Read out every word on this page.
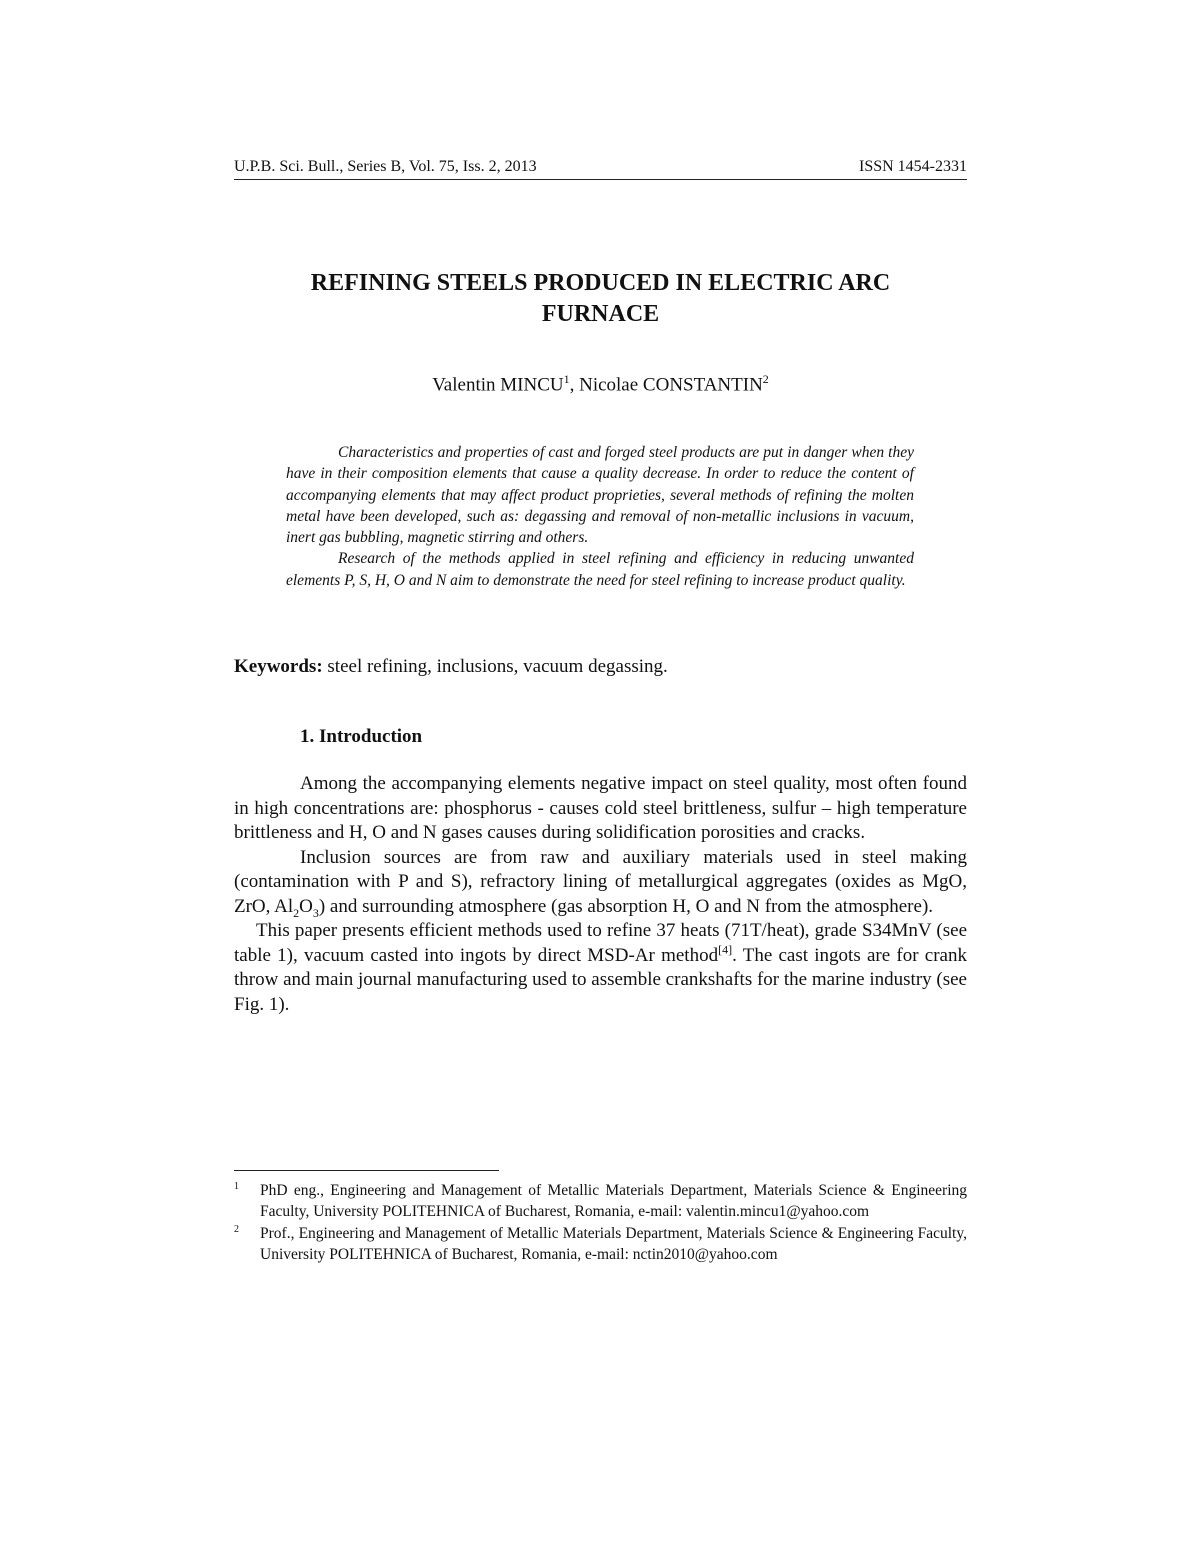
U.P.B. Sci. Bull., Series B, Vol. 75, Iss. 2, 2013	ISSN 1454-2331
REFINING STEELS PRODUCED IN ELECTRIC ARC
FURNACE
Valentin MINCU$^1$, Nicolae CONSTANTIN$^2$

Characteristics and properties of cast and forged steel products are put in danger when they have in their composition elements that cause a quality decrease. In order to reduce the content of accompanying elements that may affect product proprieties, several methods of refining the molten metal have been developed, such as: degassing and removal of non-metallic inclusions in vacuum, inert gas bubbling, magnetic stirring and others.

Research of the methods applied in steel refining and efficiency in reducing unwanted elements P, S, H, O and N aim to demonstrate the need for steel refining to increase product quality.

Keywords: steel refining, inclusions, vacuum degassing.
1. Introduction

Among the accompanying elements negative impact on steel quality, most often found in high concentrations are: phosphorus - causes cold steel brittleness, sulfur – high temperature brittleness and H, O and N gases causes during solidification porosities and cracks.

Inclusion sources are from raw and auxiliary materials used in steel making (contamination with P and S), refractory lining of metallurgical aggregates (oxides as MgO, ZrO, $Al_2O_3$) and surrounding atmosphere (gas absorption H, O and N from the atmosphere).

This paper presents efficient methods used to refine 37 heats (71T/heat), grade S34MnV (see table 1), vacuum casted into ingots by direct MSD-Ar method[4]. The cast ingots are for crank throw and main journal manufacturing used to assemble crankshafts for the marine industry (see Fig. 1).

1 PhD eng., Engineering and Management of Metallic Materials Department, Materials Science & Engineering Faculty, University POLITEHNICA of Bucharest, Romania, e-mail: valentin.mincu1@yahoo.com

2 Prof., Engineering and Management of Metallic Materials Department, Materials Science & Engineering Faculty, University POLITEHNICA of Bucharest, Romania, e-mail: nctin2010@yahoo.com
